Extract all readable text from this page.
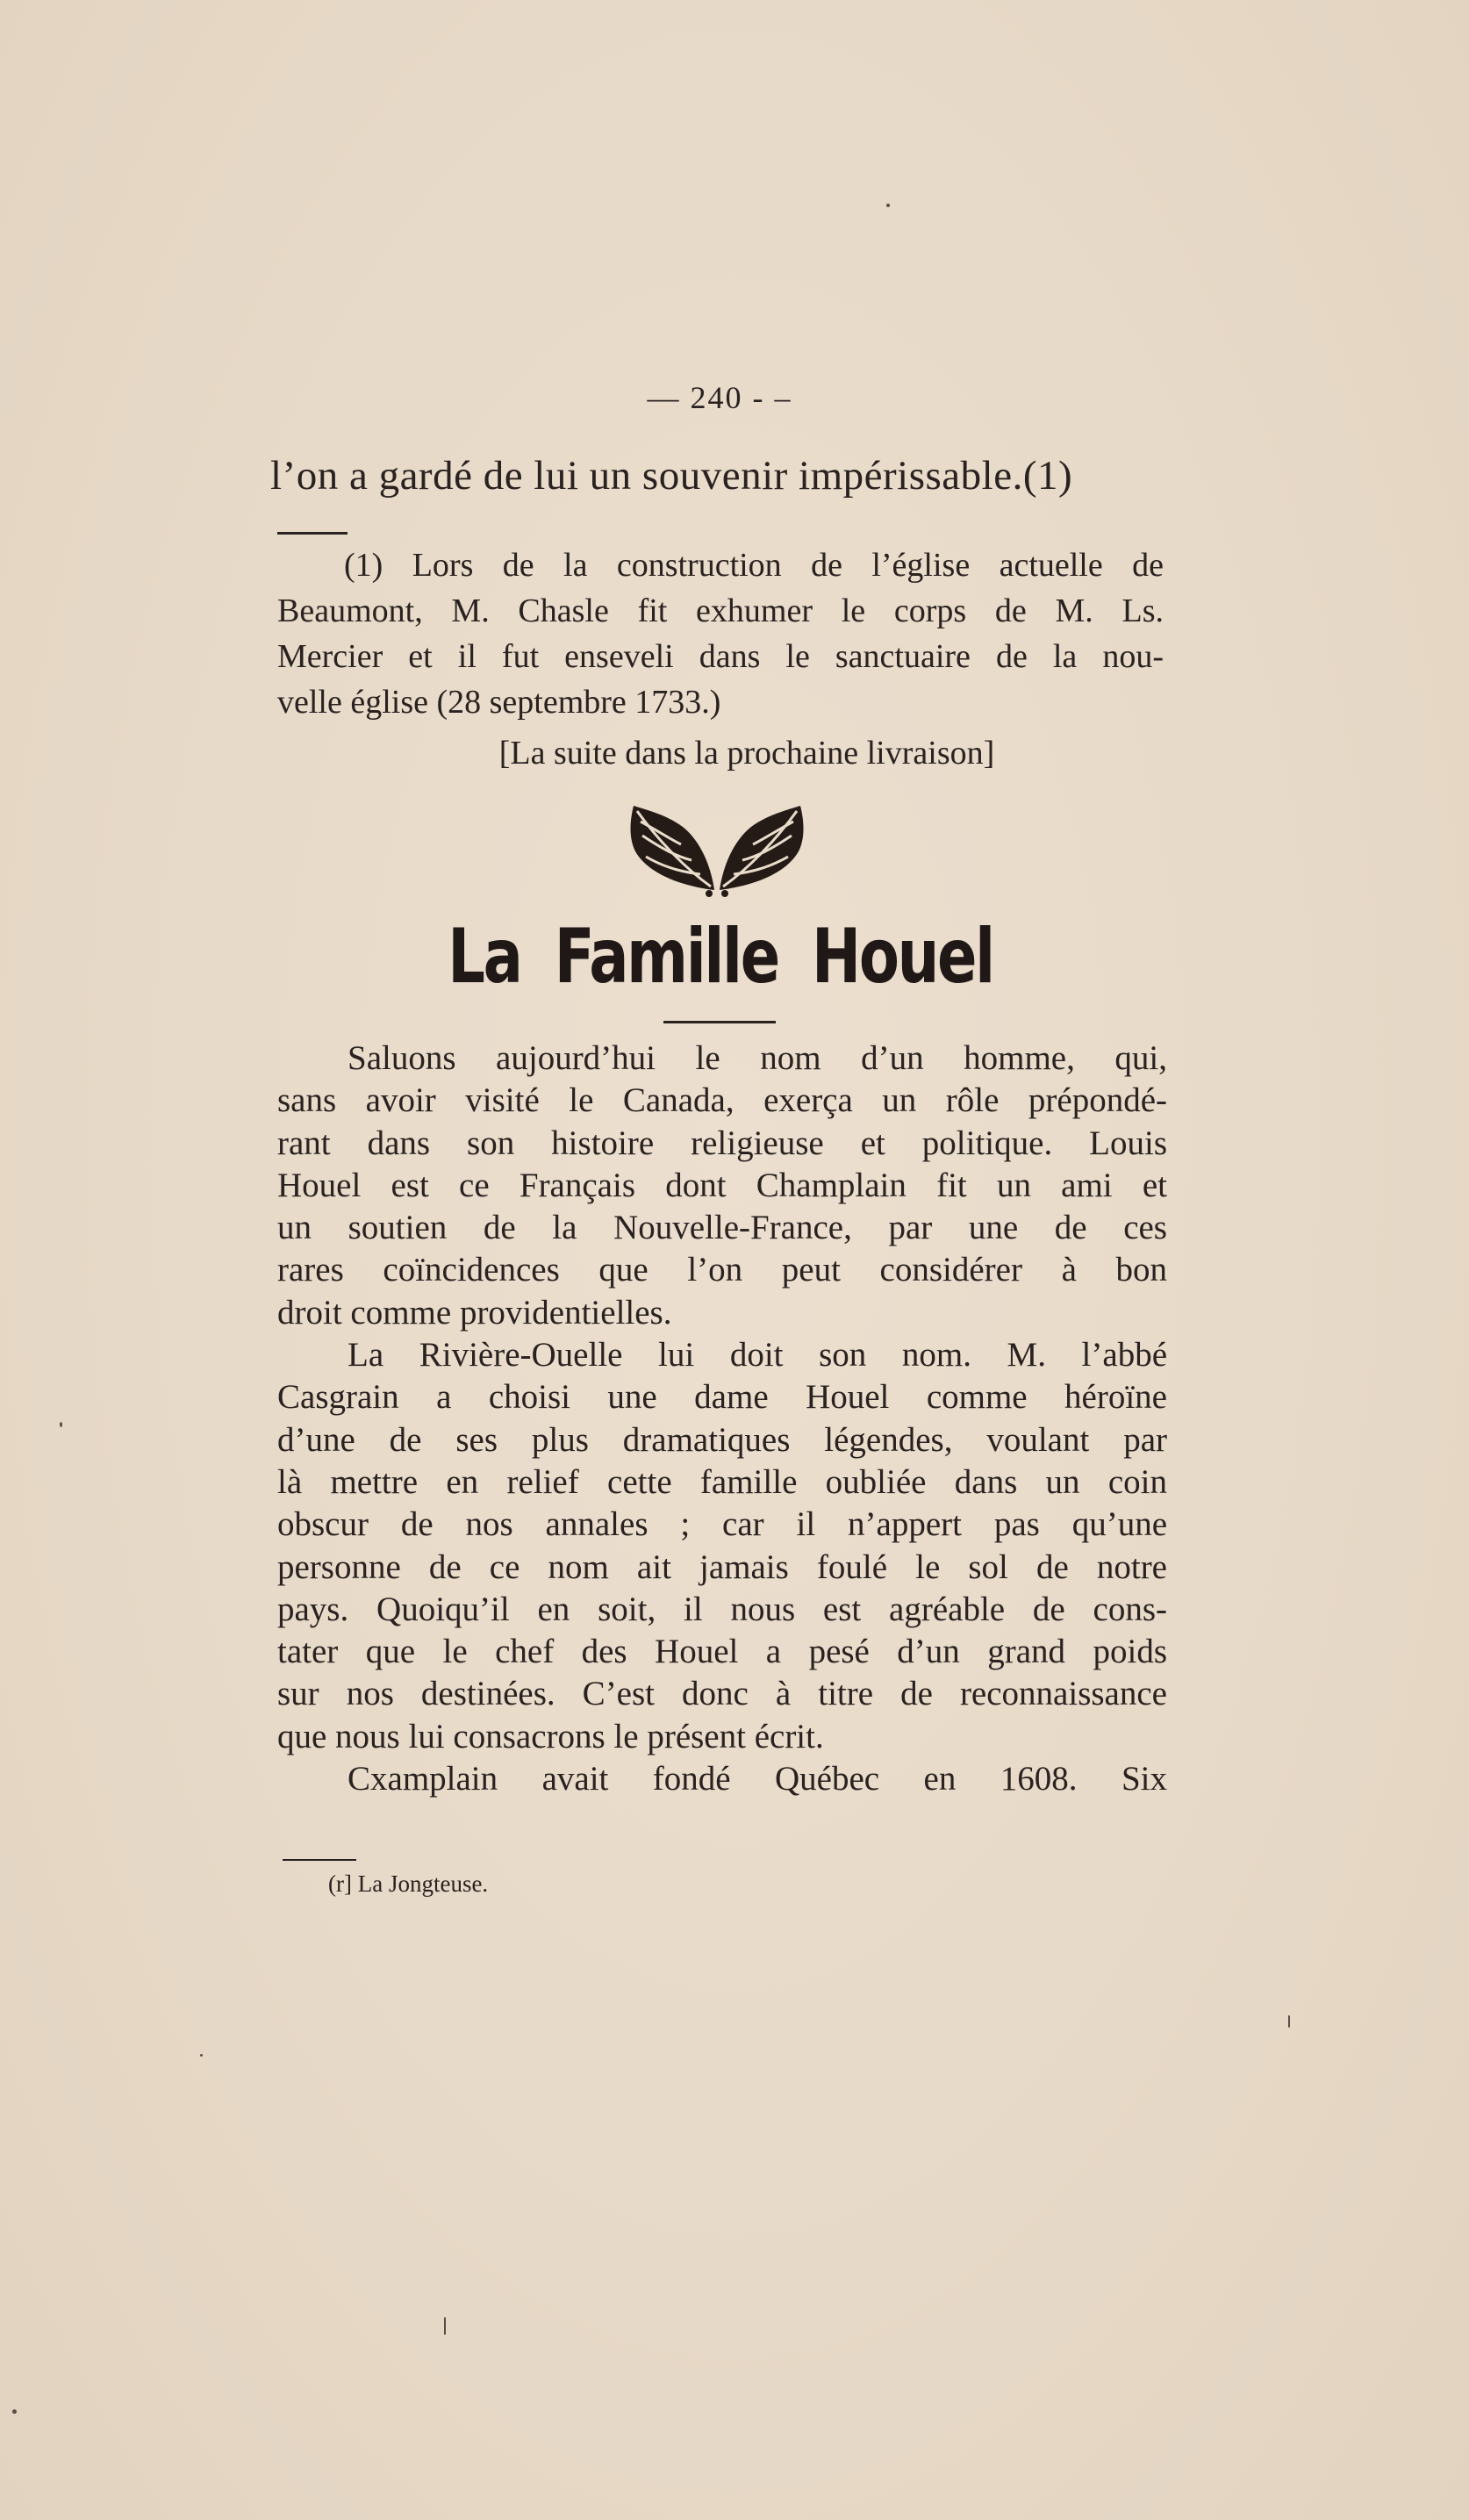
— 240 - –
l’on a gardé de lui un souvenir impérissable.(1)
(1) Lors de la construction de l’église actuelle de
Beaumont, M. Chasle fit exhumer le corps de M. Ls.
Mercier et il fut enseveli dans le sanctuaire de la nou-
velle église (28 septembre 1733.)
[La suite dans la prochaine livraison]
La Famille Houel
Saluons aujourd’hui le nom d’un homme, qui,
sans avoir visité le Canada, exerça un rôle prépondé-
rant dans son histoire religieuse et politique. Louis
Houel est ce Français dont Champlain fit un ami et
un soutien de la Nouvelle-France, par une de ces
rares coïncidences que l’on peut considérer à bon
droit comme providentielles.
La Rivière-Ouelle lui doit son nom. M. l’abbé
Casgrain a choisi une dame Houel comme héroïne
d’une de ses plus dramatiques légendes, voulant par
là mettre en relief cette famille oubliée dans un coin
obscur de nos annales ; car il n’appert pas qu’une
personne de ce nom ait jamais foulé le sol de notre
pays. Quoiqu’il en soit, il nous est agréable de cons-
tater que le chef des Houel a pesé d’un grand poids
sur nos destinées. C’est donc à titre de reconnaissance
que nous lui consacrons le présent écrit.
Cxamplain avait fondé Québec en 1608. Six
(r] La Jongteuse.
